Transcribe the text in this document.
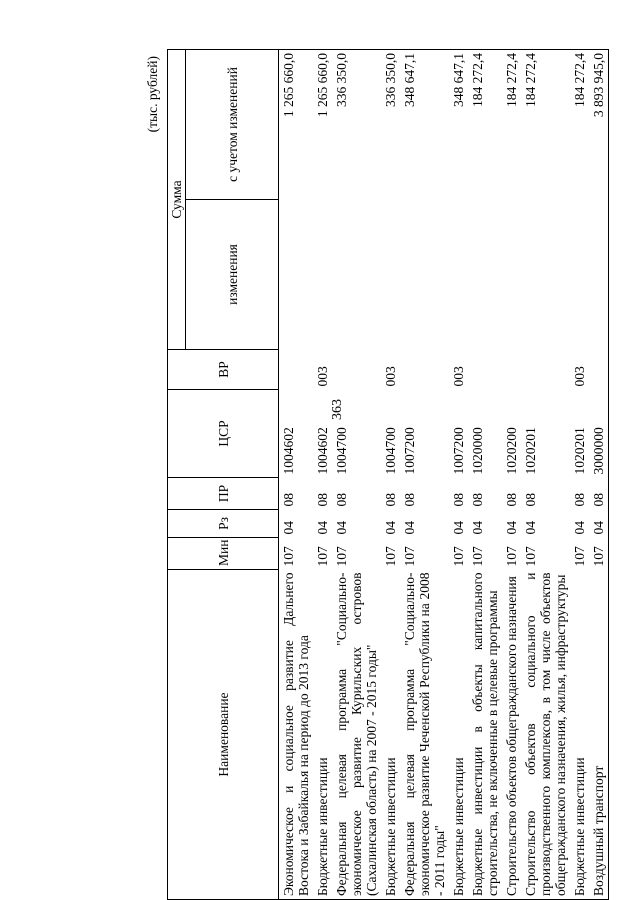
363
(тыс. рублей)
Наименование	Мин	Рз	ПР	ЦСР	ВР	Сумма	
						изменения	с учетом изменений
Экономическое и социальное развитие Дальнего Востока и Забайкалья на период до 2013 года	107	04	08	1004602			1 265 660,0
Бюджетные инвестиции	107	04	08	1004602	003		1 265 660,0
Федеральная целевая программа "Социально-экономическое развитие Курильских островов (Сахалинская область) на 2007 - 2015 годы"	107	04	08	1004700			336 350,0
Бюджетные инвестиции	107	04	08	1004700	003		336 350,0
Федеральная целевая программа "Социально-экономическое развитие Чеченской Республики на 2008 - 2011 годы"	107	04	08	1007200			348 647,1
Бюджетные инвестиции	107	04	08	1007200	003		348 647,1
Бюджетные инвестиции в объекты капитального строительства, не включенные в целевые программы	107	04	08	1020000			184 272,4
Строительство объектов общегражданского назначения	107	04	08	1020200			184 272,4
Строительство объектов социального и производственного комплексов, в том числе объектов общегражданского назначения, жилья, инфраструктуры	107	04	08	1020201			184 272,4
Бюджетные инвестиции	107	04	08	1020201	003		184 272,4
Воздушный транспорт	107	04	08	3000000			3 893 945,0
